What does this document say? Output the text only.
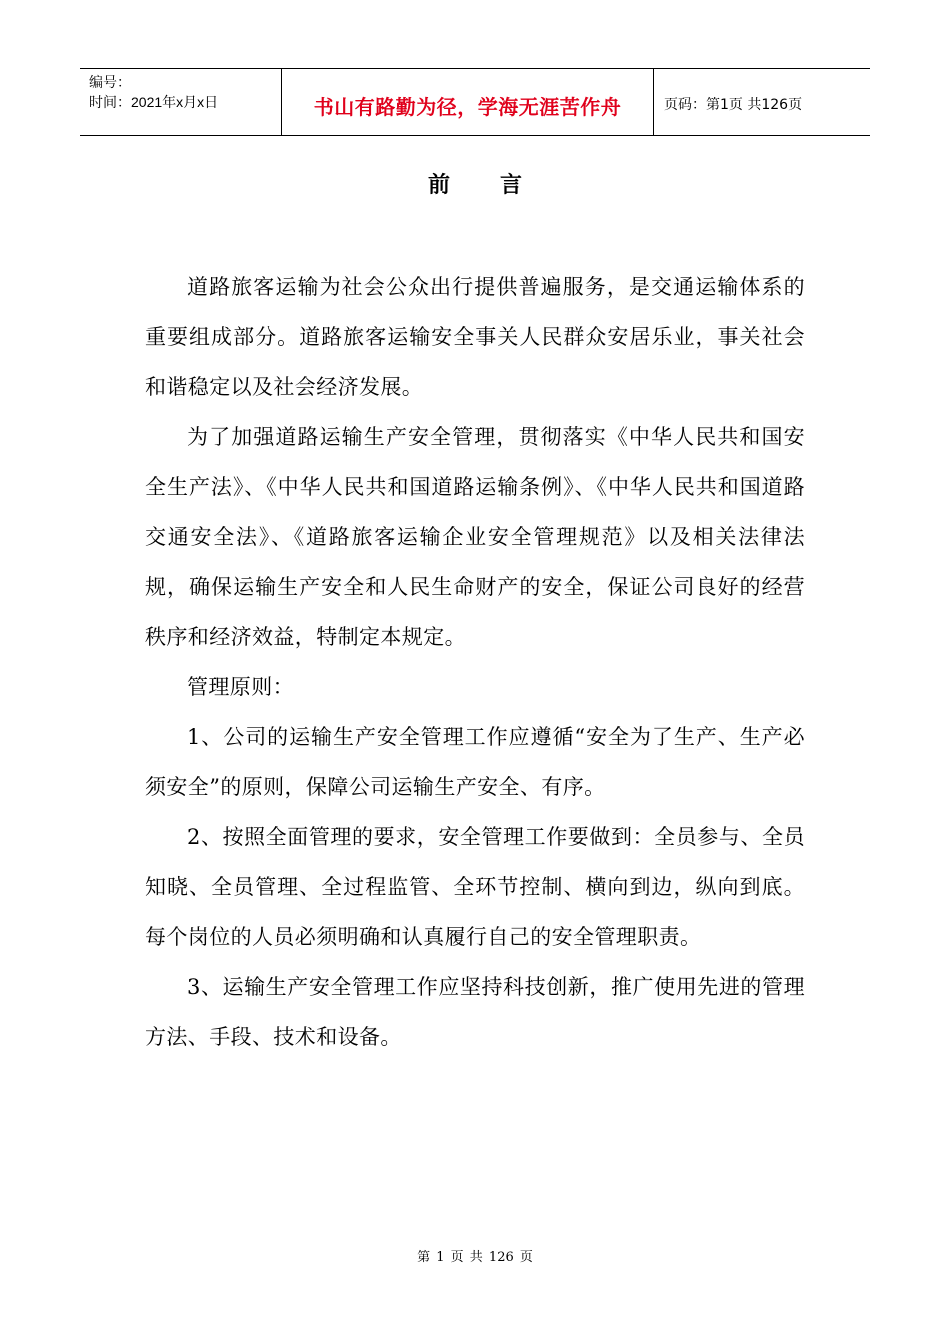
编号：
时间：2021年x月x日	书山有路勤为径，学海无涯苦作舟	页码：第1页 共126页
前言

道路旅客运输为社会公众出行提供普遍服务，是交通运输体系的重要组成部分。道路旅客运输安全事关人民群众安居乐业，事关社会和谐稳定以及社会经济发展。

为了加强道路运输生产安全管理，贯彻落实《中华人民共和国安全生产法》、《中华人民共和国道路运输条例》、《中华人民共和国道路交通安全法》、《道路旅客运输企业安全管理规范》以及相关法律法规，确保运输生产安全和人民生命财产的安全，保证公司良好的经营秩序和经济效益，特制定本规定。

管理原则：

1、公司的运输生产安全管理工作应遵循“安全为了生产、生产必须安全”的原则，保障公司运输生产安全、有序。

2、按照全面管理的要求，安全管理工作要做到：全员参与、全员知晓、全员管理、全过程监管、全环节控制、横向到边，纵向到底。每个岗位的人员必须明确和认真履行自己的安全管理职责。

3、运输生产安全管理工作应坚持科技创新，推广使用先进的管理方法、手段、技术和设备。

第 1 页 共 126 页
